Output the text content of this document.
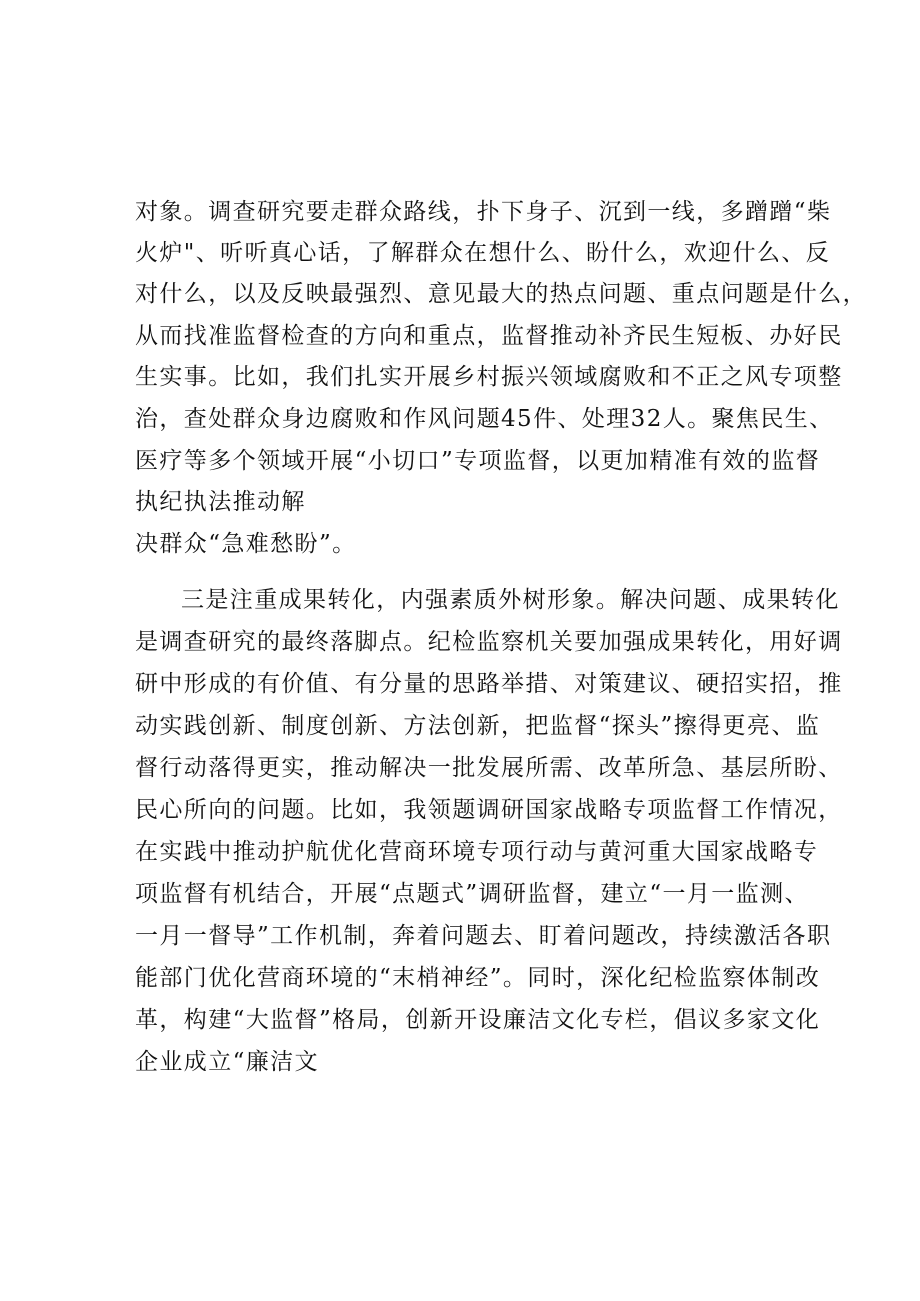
对象。调查研究要走群众路线，扑下身子、沉到一线，多蹭蹭“柴
火炉"、听听真心话，了解群众在想什么、盼什么，欢迎什么、反
对什么，以及反映最强烈、意见最大的热点问题、重点问题是什么，
从而找准监督检查的方向和重点，监督推动补齐民生短板、办好民
生实事。比如，我们扎实开展乡村振兴领域腐败和不正之风专项整
治，查处群众身边腐败和作风问题45件、处理32人。聚焦民生、
医疗等多个领域开展“小切口”专项监督，以更加精准有效的监督
执纪执法推动解
决群众“急难愁盼”。
三是注重成果转化，内强素质外树形象。解决问题、成果转化
是调查研究的最终落脚点。纪检监察机关要加强成果转化，用好调
研中形成的有价值、有分量的思路举措、对策建议、硬招实招，推
动实践创新、制度创新、方法创新，把监督“探头”擦得更亮、监
督行动落得更实，推动解决一批发展所需、改革所急、基层所盼、
民心所向的问题。比如，我领题调研国家战略专项监督工作情况，
在实践中推动护航优化营商环境专项行动与黄河重大国家战略专
项监督有机结合，开展“点题式”调研监督，建立“一月一监测、
一月一督导”工作机制，奔着问题去、盯着问题改，持续激活各职
能部门优化营商环境的“末梢神经”。同时，深化纪检监察体制改
革，构建“大监督”格局，创新开设廉洁文化专栏，倡议多家文化
企业成立“廉洁文
